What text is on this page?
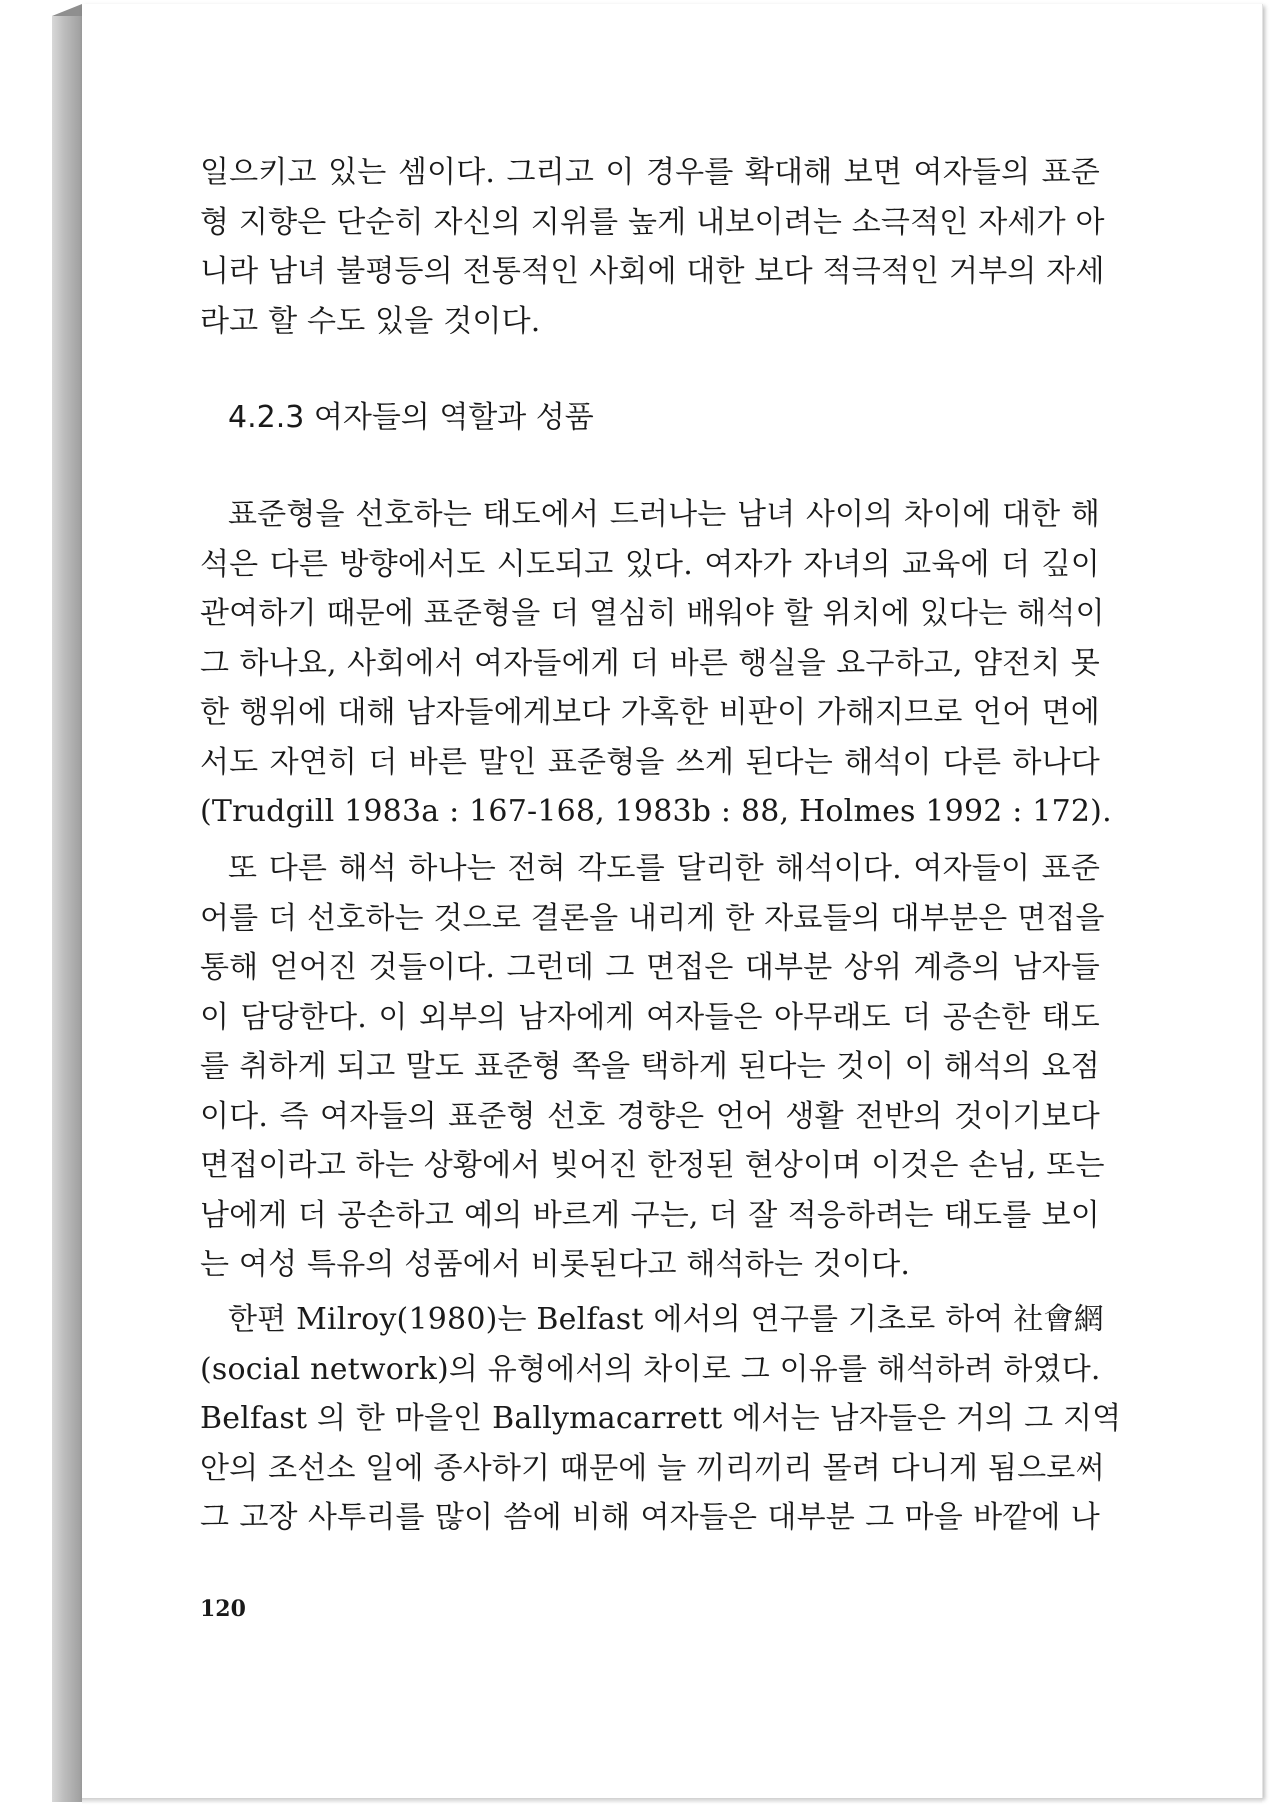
일으키고 있는 셈이다. 그리고 이 경우를 확대해 보면 여자들의 표준
형 지향은 단순히 자신의 지위를 높게 내보이려는 소극적인 자세가 아
니라 남녀 불평등의 전통적인 사회에 대한 보다 적극적인 거부의 자세
라고 할 수도 있을 것이다.
4.2.3 여자들의 역할과 성품
표준형을 선호하는 태도에서 드러나는 남녀 사이의 차이에 대한 해
석은 다른 방향에서도 시도되고 있다. 여자가 자녀의 교육에 더 깊이
관여하기 때문에 표준형을 더 열심히 배워야 할 위치에 있다는 해석이
그 하나요, 사회에서 여자들에게 더 바른 행실을 요구하고, 얌전치 못
한 행위에 대해 남자들에게보다 가혹한 비판이 가해지므로 언어 면에
서도 자연히 더 바른 말인 표준형을 쓰게 된다는 해석이 다른 하나다
(Trudgill 1983a : 167-168, 1983b : 88, Holmes 1992 : 172).
또 다른 해석 하나는 전혀 각도를 달리한 해석이다. 여자들이 표준
어를 더 선호하는 것으로 결론을 내리게 한 자료들의 대부분은 면접을
통해 얻어진 것들이다. 그런데 그 면접은 대부분 상위 계층의 남자들
이 담당한다. 이 외부의 남자에게 여자들은 아무래도 더 공손한 태도
를 취하게 되고 말도 표준형 쪽을 택하게 된다는 것이 이 해석의 요점
이다. 즉 여자들의 표준형 선호 경향은 언어 생활 전반의 것이기보다
면접이라고 하는 상황에서 빚어진 한정된 현상이며 이것은 손님, 또는
남에게 더 공손하고 예의 바르게 구는, 더 잘 적응하려는 태도를 보이
는 여성 특유의 성품에서 비롯된다고 해석하는 것이다.
한편 Milroy(1980)는 Belfast 에서의 연구를 기초로 하여 社會網
(social network)의 유형에서의 차이로 그 이유를 해석하려 하였다.
Belfast 의 한 마을인 Ballymacarrett 에서는 남자들은 거의 그 지역
안의 조선소 일에 종사하기 때문에 늘 끼리끼리 몰려 다니게 됨으로써
그 고장 사투리를 많이 씀에 비해 여자들은 대부분 그 마을 바깥에 나
120
